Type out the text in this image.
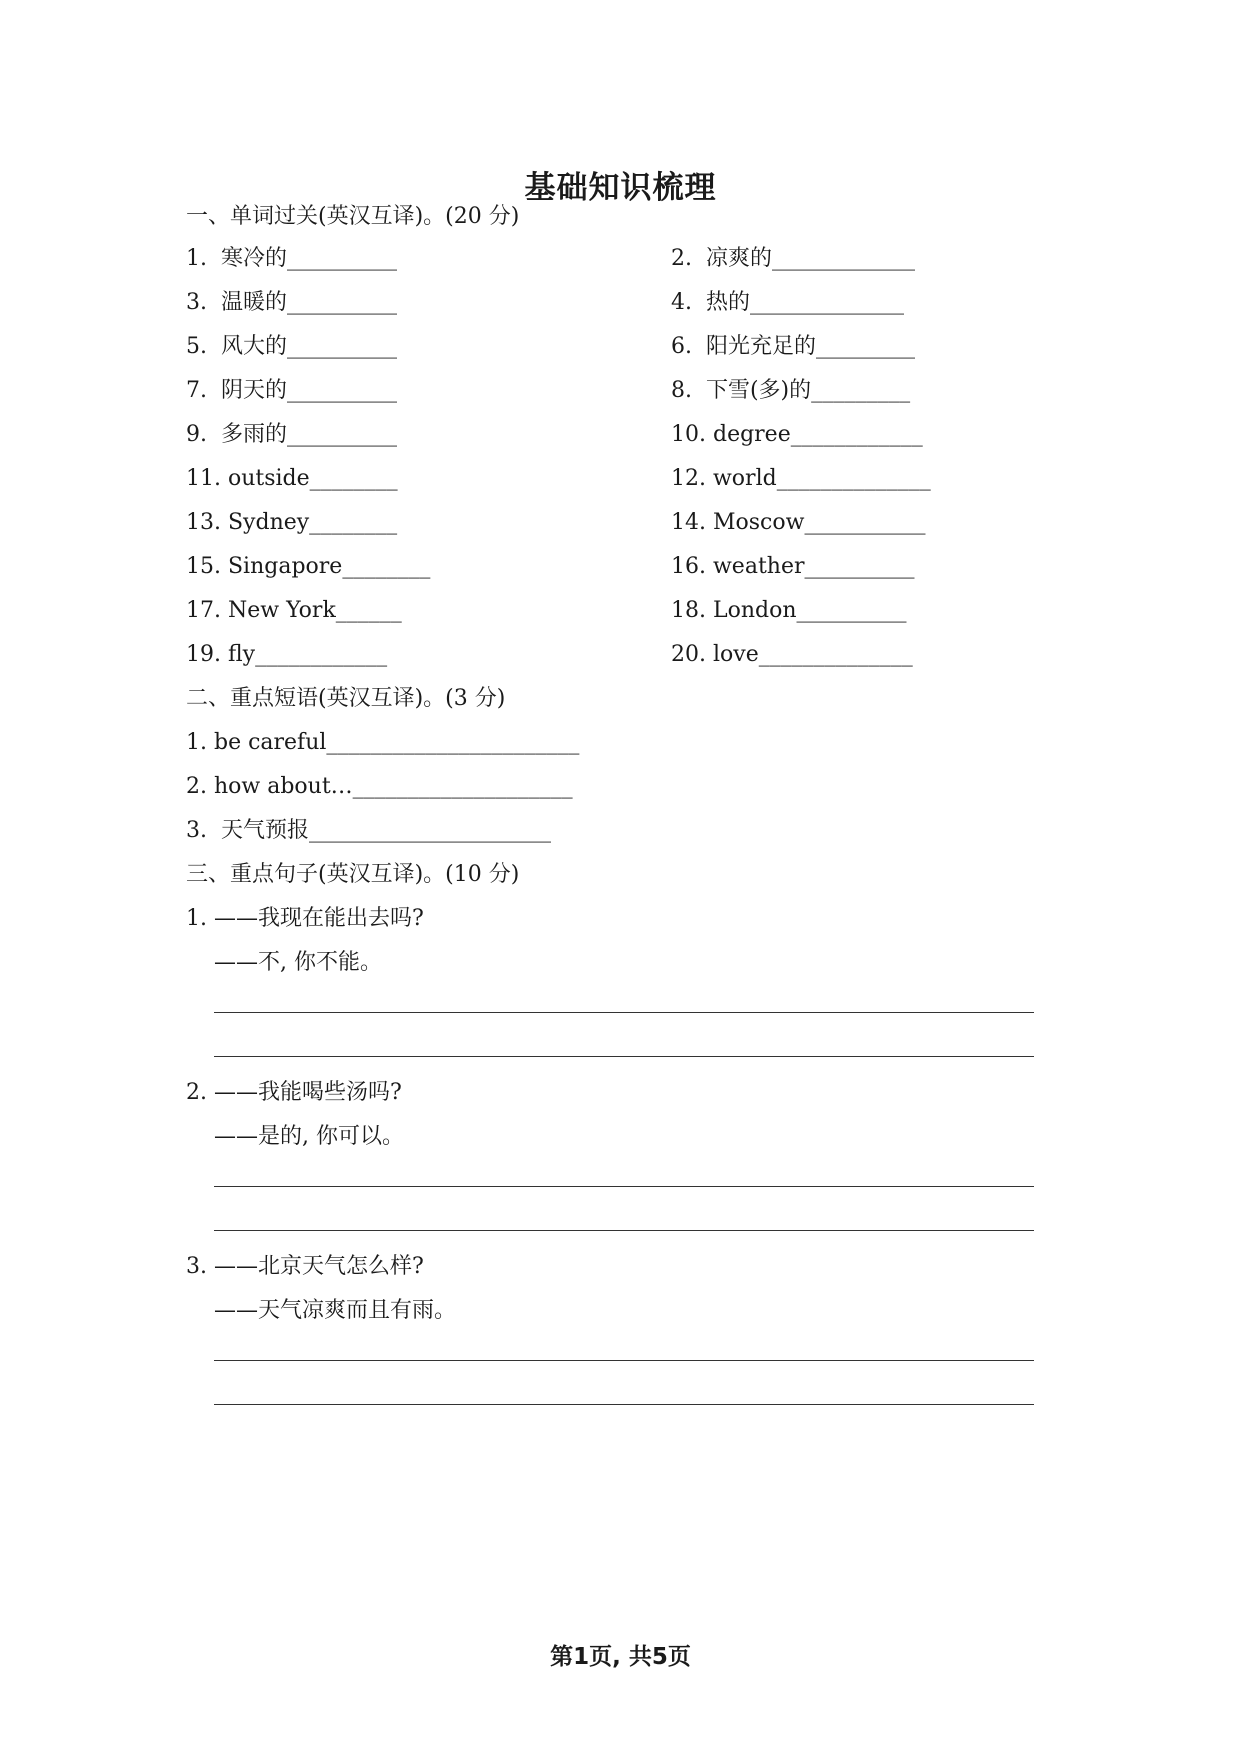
基础知识梳理
一、单词过关(英汉互译)。(20 分)
1.  寒冷的__________	2.  凉爽的_____________
3.  温暖的__________	4.  热的______________
5.  风大的__________	6.  阳光充足的_________
7.  阴天的__________	8.  下雪(多)的_________
9.  多雨的__________	10. degree____________
11. outside________	12. world______________
13. Sydney________	14. Moscow___________
15. Singapore________	16. weather__________
17. New York______	18. London__________
19. fly____________	20. love______________
二、重点短语(英汉互译)。(3 分)
1. be careful_______________________
2. how about…____________________
3.  天气预报______________________
三、重点句子(英汉互译)。(10 分)
1. ——我现在能出去吗?
——不, 你不能。
2. ——我能喝些汤吗?
——是的, 你可以。
3. ——北京天气怎么样?
——天气凉爽而且有雨。
第1页, 共5页
